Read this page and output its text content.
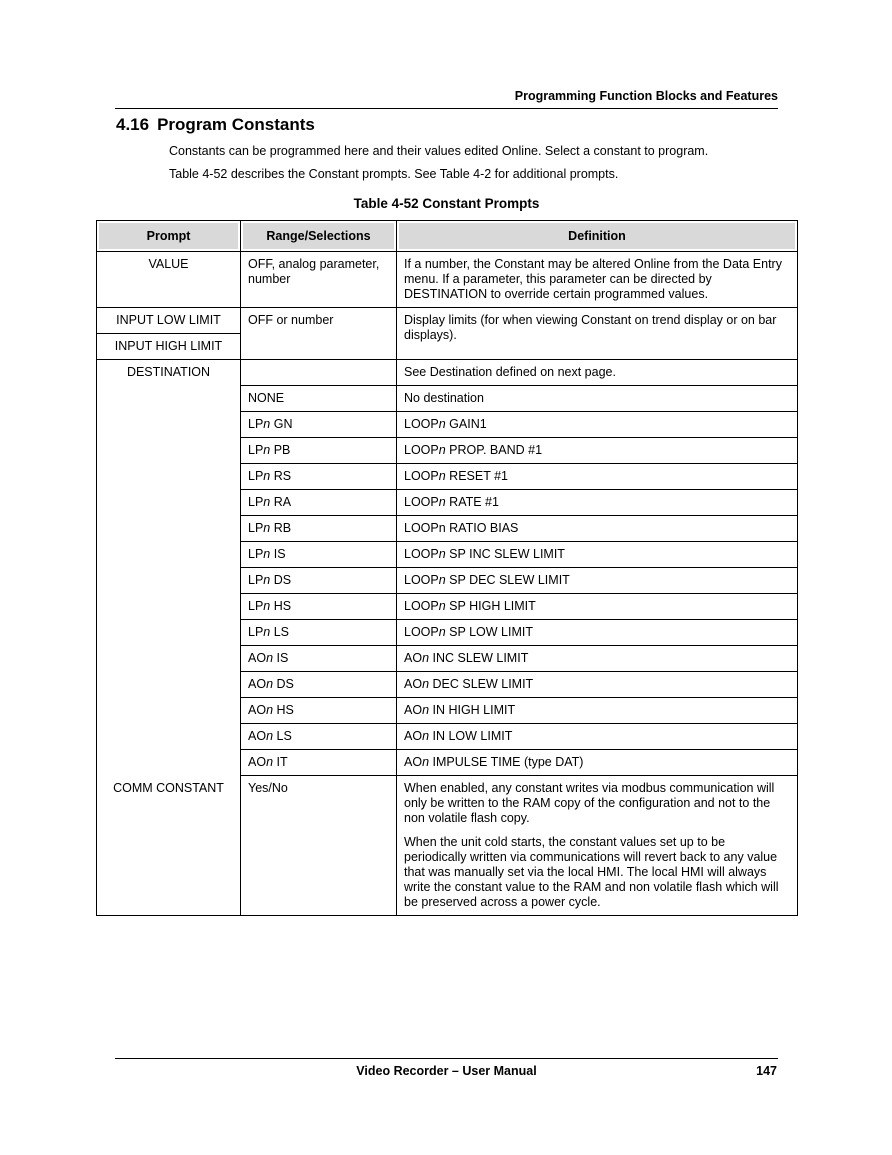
Programming Function Blocks and Features
4.16 Program Constants
Constants can be programmed here and their values edited Online. Select a constant to program.
Table 4-52 describes the Constant prompts. See Table 4-2 for additional prompts.
Table 4-52 Constant Prompts
Prompt	Range/Selections	Definition

VALUE	OFF, analog parameter, number	If a number, the Constant may be altered Online from the Data Entry menu. If a parameter, this parameter can be directed by DESTINATION to override certain programmed values.
INPUT LOW LIMIT	OFF or number	Display limits (for when viewing Constant on trend display or on bar displays).
INPUT HIGH LIMIT		
DESTINATION		See Destination defined on next page.
	NONE	No destination
	LPn GN	LOOPn GAIN1
	LPn PB	LOOPn PROP. BAND #1
	LPn RS	LOOPn RESET #1
	LPn RA	LOOPn RATE #1
	LPn RB	LOOPn RATIO BIAS
	LPn IS	LOOPn SP INC SLEW LIMIT
	LPn DS	LOOPn SP DEC SLEW LIMIT
	LPn HS	LOOPn SP HIGH LIMIT
	LPn LS	LOOPn SP LOW LIMIT
	AOn IS	AOn INC SLEW LIMIT
	AOn DS	AOn DEC SLEW LIMIT
	AOn HS	AOn IN HIGH LIMIT
	AOn LS	AOn IN LOW LIMIT
	AOn IT	AOn IMPULSE TIME (type DAT)
COMM CONSTANT	Yes/No	When enabled, any constant writes via modbus communication will only be written to the RAM copy of the configuration and not to the non volatile flash copy.

When the unit cold starts, the constant values set up to be periodically written via communications will revert back to any value that was manually set via the local HMI. The local HMI will always write the constant value to the RAM and non volatile flash which will be preserved across a power cycle.

Video Recorder – User Manual	147
